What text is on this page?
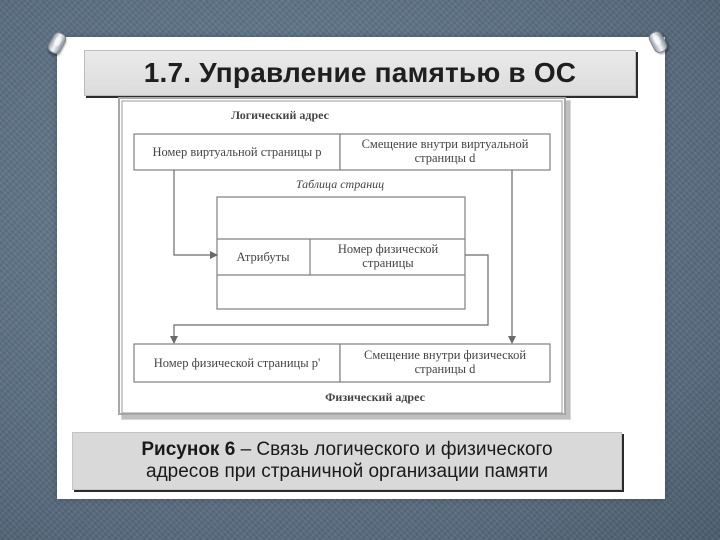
1.7. Управление памятью в ОС
Логический адрес
Номер виртуальной страницы p
Смещение внутри виртуальной
страницы d
Таблица страниц
Атрибуты
Номер физической
страницы
Номер физической страницы p'
Смещение внутри физической
страницы d
Физический адрес
Рисунок 6 – Связь логического и физического
адресов при страничной организации памяти
